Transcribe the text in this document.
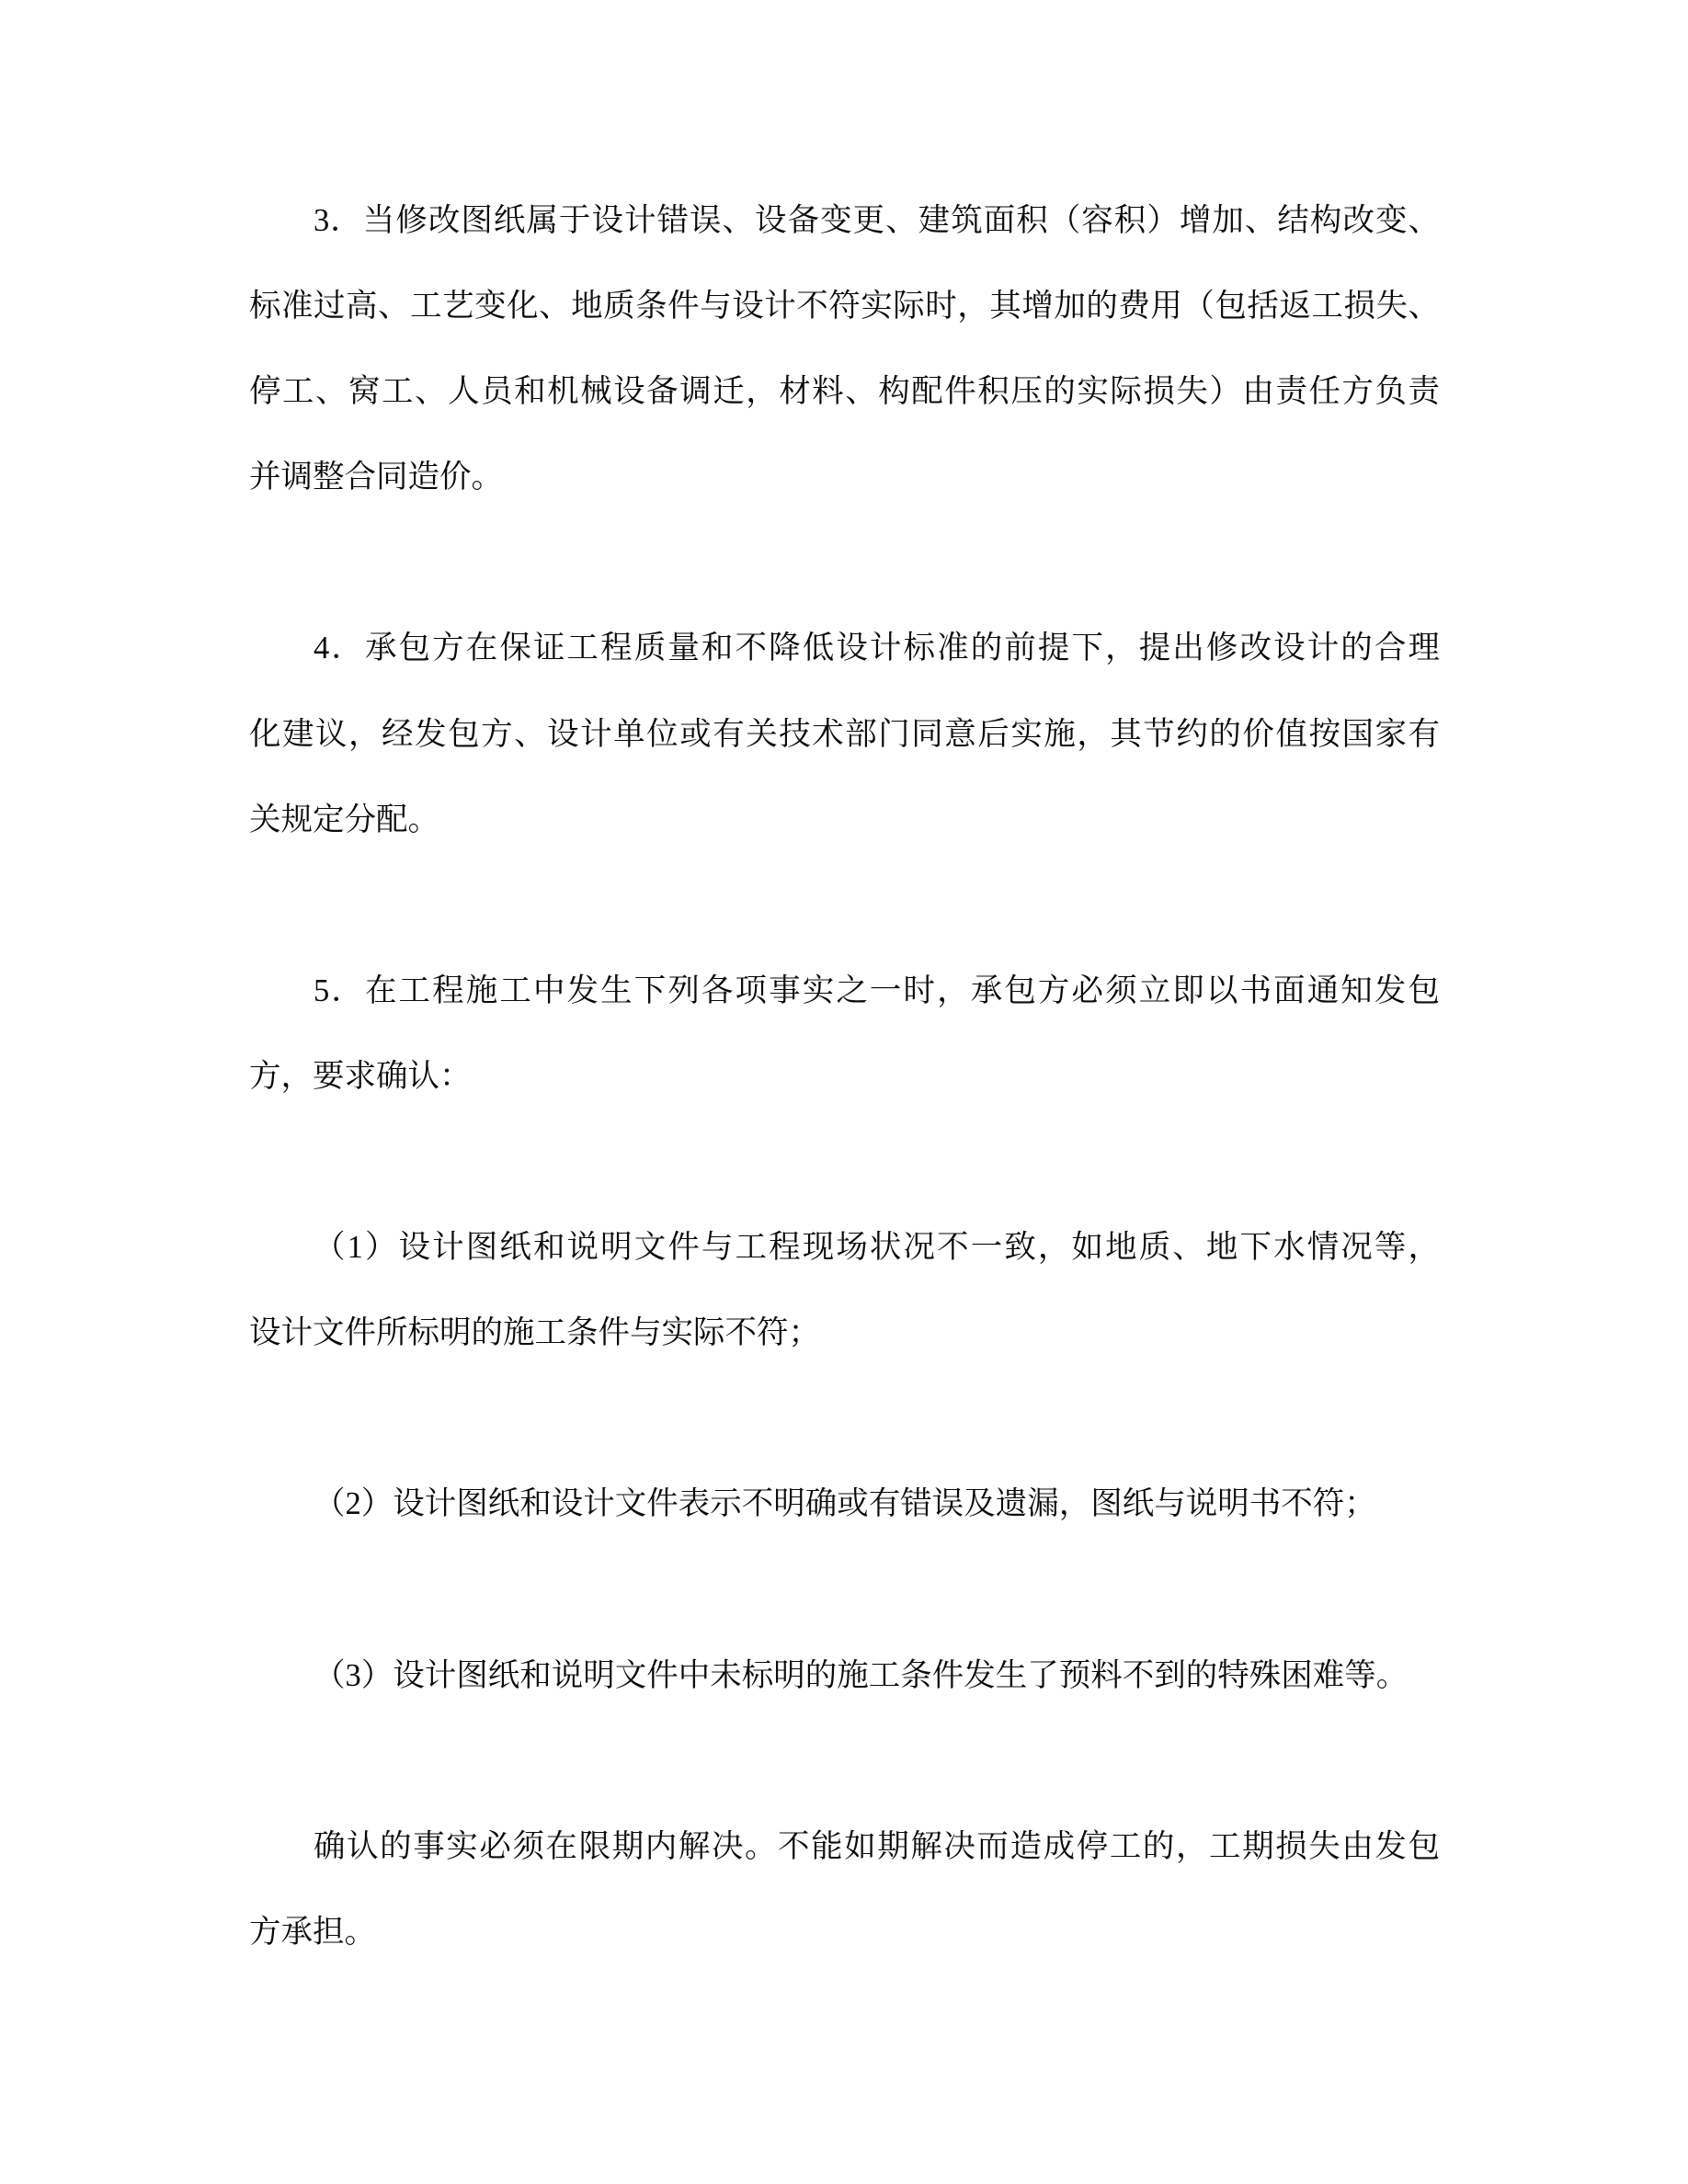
3．当修改图纸属于设计错误、设备变更、建筑面积（容积）增加、结构改变、
标准过高、工艺变化、地质条件与设计不符实际时，其增加的费用（包括返工损失、
停工、窝工、人员和机械设备调迁，材料、构配件积压的实际损失）由责任方负责
并调整合同造价。
4．承包方在保证工程质量和不降低设计标准的前提下，提出修改设计的合理
化建议，经发包方、设计单位或有关技术部门同意后实施，其节约的价值按国家有
关规定分配。
5．在工程施工中发生下列各项事实之一时，承包方必须立即以书面通知发包
方，要求确认：
（1）设计图纸和说明文件与工程现场状况不一致，如地质、地下水情况等，
设计文件所标明的施工条件与实际不符；
（2）设计图纸和设计文件表示不明确或有错误及遗漏，图纸与说明书不符；
（3）设计图纸和说明文件中未标明的施工条件发生了预料不到的特殊困难等。
确认的事实必须在限期内解决。不能如期解决而造成停工的，工期损失由发包
方承担。
